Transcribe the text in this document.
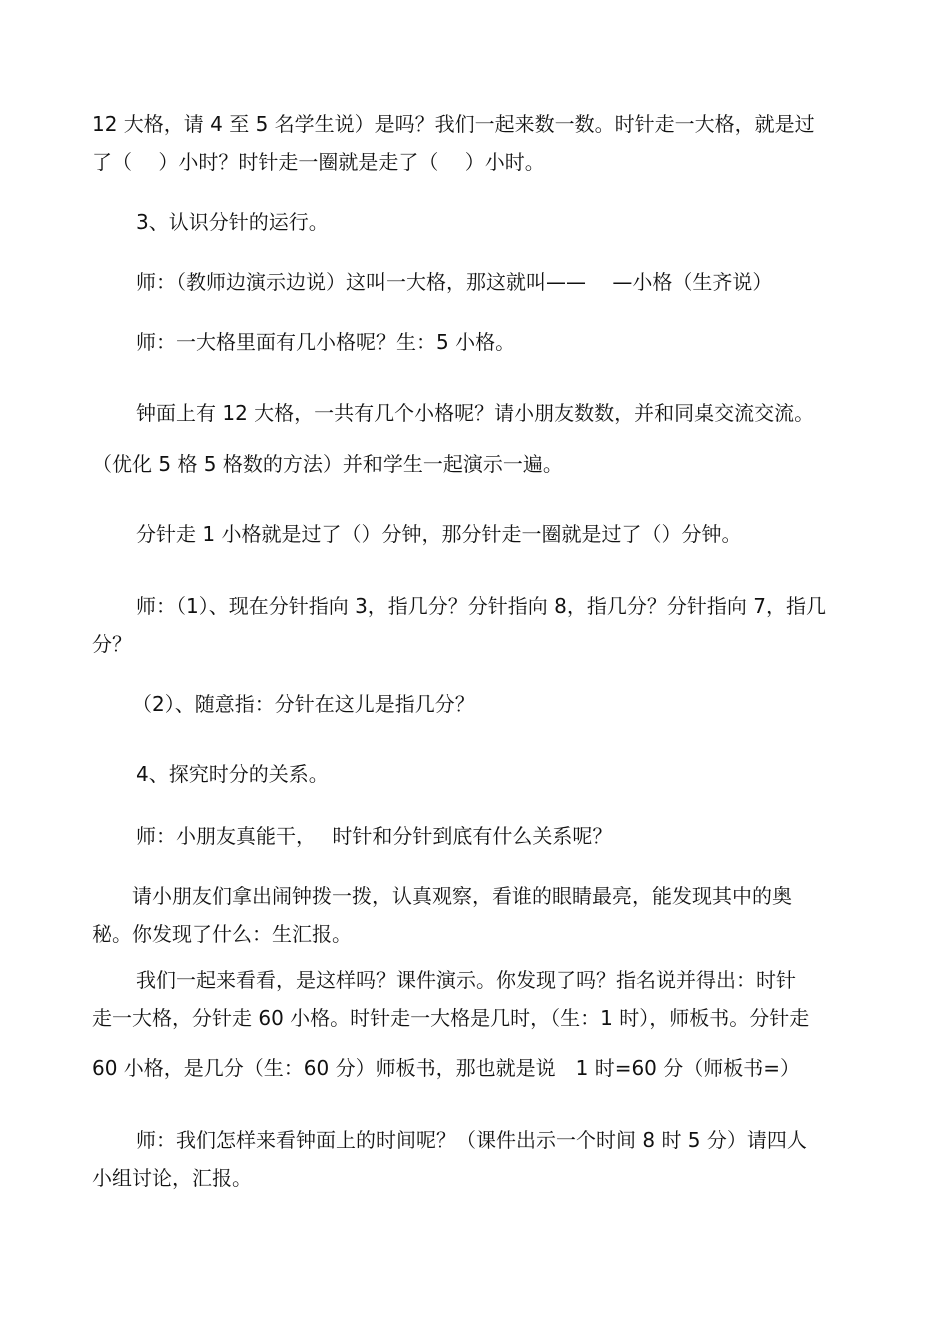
12 大格，请 4 至 5 名学生说）是吗？我们一起来数一数。时针走一大格，就是过
了（　 ）小时？时针走一圈就是走了（　 ）小时。
3、认识分针的运行。
师：（教师边演示边说）这叫一大格，那这就叫——　 —小格（生齐说）
师：一大格里面有几小格呢？生：5 小格。
钟面上有 12 大格，一共有几个小格呢？请小朋友数数，并和同桌交流交流。
（优化 5 格 5 格数的方法）并和学生一起演示一遍。
分针走 1 小格就是过了（）分钟，那分针走一圈就是过了（）分钟。
师：（1）、现在分针指向 3，指几分？分针指向 8，指几分？分针指向 7，指几
分？
（2）、随意指：分针在这儿是指几分？
4、探究时分的关系。
师：小朋友真能干，　 时针和分针到底有什么关系呢？
请小朋友们拿出闹钟拨一拨，认真观察，看谁的眼睛最亮，能发现其中的奥
秘。你发现了什么：生汇报。
我们一起来看看，是这样吗？课件演示。你发现了吗？指名说并得出：时针
走一大格，分针走 60 小格。时针走一大格是几时，（生：1 时），师板书。分针走
60 小格，是几分（生：60 分）师板书，那也就是说　1 时=60 分（师板书=）
师：我们怎样来看钟面上的时间呢？（课件出示一个时间 8 时 5 分）请四人
小组讨论，汇报。
